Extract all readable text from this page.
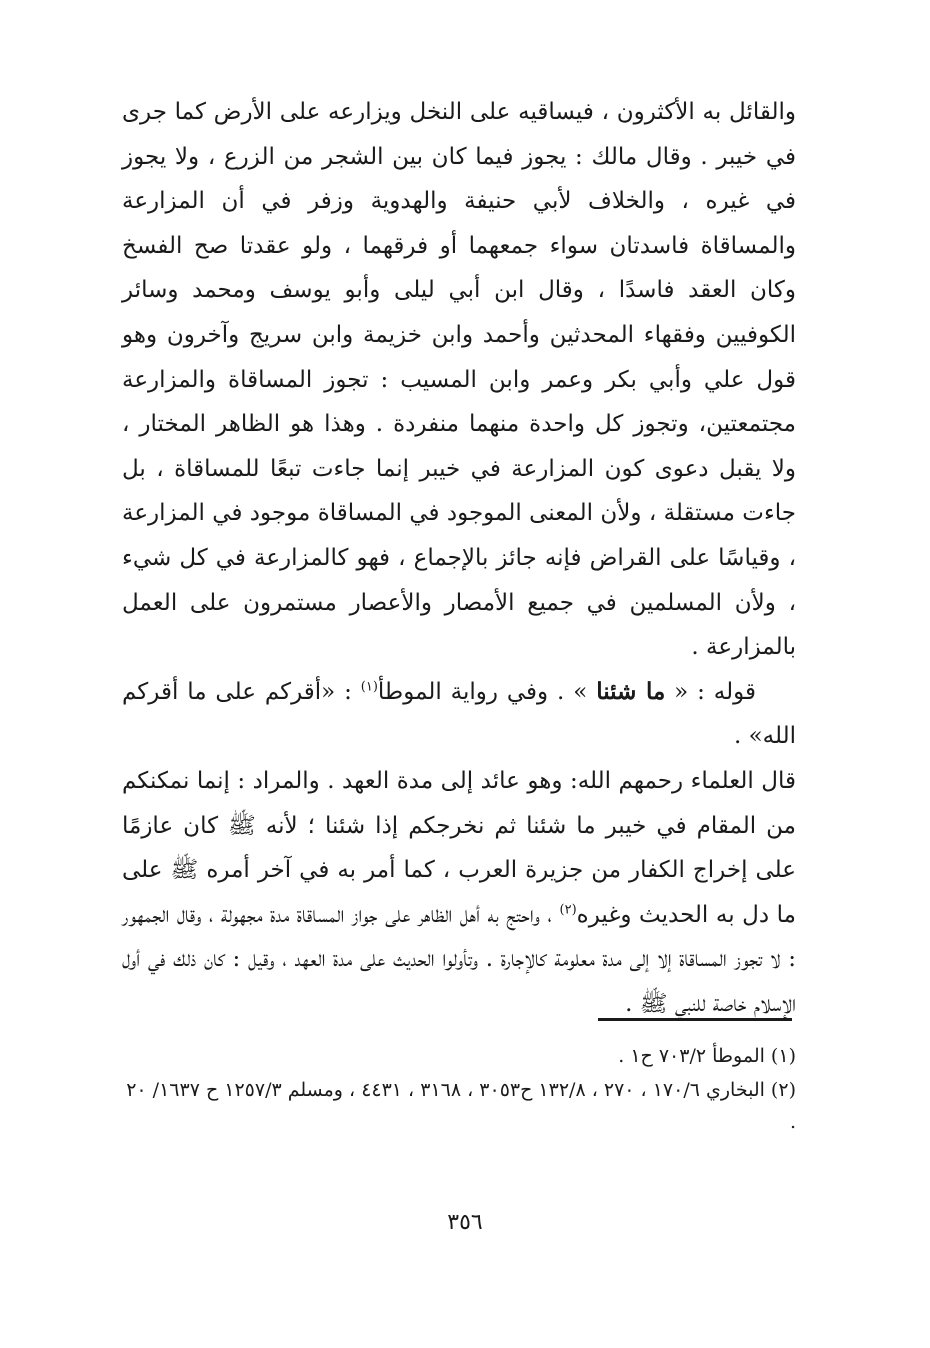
والقائل به الأكثرون ، فيساقيه على النخل ويزارعه على الأرض كما جرى في خيبر . وقال مالك : يجوز فيما كان بين الشجر من الزرع ، ولا يجوز في غيره ، والخلاف لأبي حنيفة والهدوية وزفر في أن المزارعة والمساقاة فاسدتان سواء جمعهما أو فرقهما ، ولو عقدتا صح الفسخ وكان العقد فاسدًا ، وقال ابن أبي ليلى وأبو يوسف ومحمد وسائر الكوفيين وفقهاء المحدثين وأحمد وابن خزيمة وابن سريج وآخرون وهو قول علي وأبي بكر وعمر وابن المسيب : تجوز المساقاة والمزارعة مجتمعتين، وتجوز كل واحدة منهما منفردة . وهذا هو الظاهر المختار ، ولا يقبل دعوى كون المزارعة في خيبر إنما جاءت تبعًا للمساقاة ، بل جاءت مستقلة ، ولأن المعنى الموجود في المساقاة موجود في المزارعة ، وقياسًا على القراض فإنه جائز بالإجماع ، فهو كالمزارعة في كل شيء ، ولأن المسلمين في جميع الأمصار والأعصار مستمرون على العمل بالمزارعة .

قوله : « ما شئنا » . وفي رواية الموطأ$^{(١)}$ : «أقركم على ما أقركم الله» .

قال العلماء رحمهم الله: وهو عائد إلى مدة العهد . والمراد : إنما نمكنكم من المقام في خيبر ما شئنا ثم نخرجكم إذا شئنا ؛ لأنه ﷺ كان عازمًا على إخراج الكفار من جزيرة العرب ، كما أمر به في آخر أمره ﷺ على ما دل به الحديث وغيره$^{(٢)}$ ، واحتج به أهل الظاهر على جواز المساقاة مدة مجهولة ، وقال الجمهور : لا تجوز المساقاة إلا إلى مدة معلومة كالإجارة . وتأولوا الحديث على مدة العهد ، وقيل : كان ذلك في أول الإسلام خاصة للنبي ﷺ .

(١) الموطأ ٧٠٣/٢ ح١ .

(٢) البخاري ١٧٠/٦ ، ٢٧٠ ، ١٣٢/٨ ح٣٠٥٣ ، ٣١٦٨ ، ٤٤٣١ ، ومسلم ١٢٥٧/٣ ح ١٦٣٧/ ٢٠ .

٣٥٦
